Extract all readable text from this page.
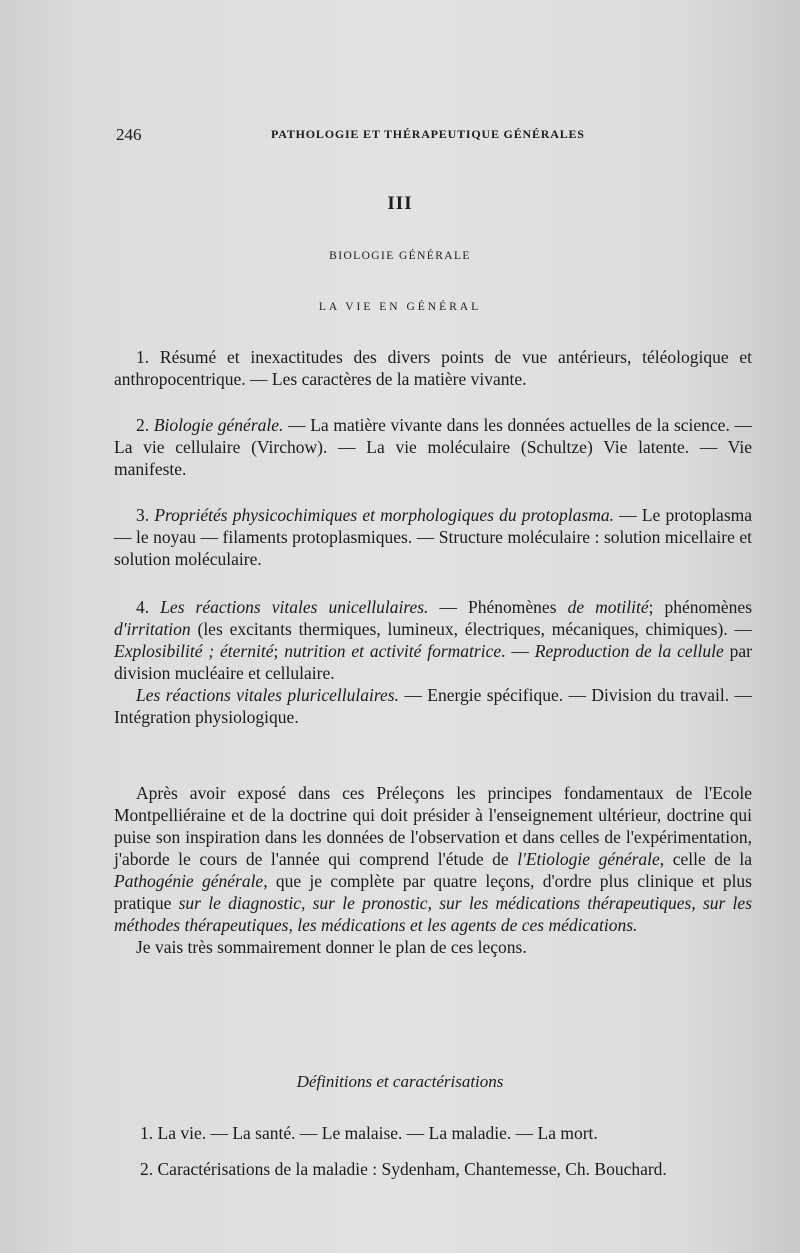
246	PATHOLOGIE ET THÉRAPEUTIQUE GÉNÉRALES
III
BIOLOGIE GÉNÉRALE
LA VIE EN GÉNÉRAL

1. Résumé et inexactitudes des divers points de vue antérieurs, téléologique et anthropocentrique. — Les caractères de la matière vivante.

2. Biologie générale. — La matière vivante dans les données actuelles de la science. — La vie cellulaire (Virchow). — La vie moléculaire (Schultze) Vie latente. — Vie manifeste.

3. Propriétés physicochimiques et morphologiques du protoplasma. — Le protoplasma — le noyau — filaments protoplasmiques. — Structure moléculaire : solution micellaire et solution moléculaire.

4. Les réactions vitales unicellulaires. — Phénomènes de motilité; phénomènes d'irritation (les excitants thermiques, lumineux, électriques, mécaniques, chimiques). — Explosibilité ; éternité; nutrition et activité formatrice. — Reproduction de la cellule par division mucléaire et cellulaire.

Les réactions vitales pluricellulaires. — Energie spécifique. — Division du travail. — Intégration physiologique.

Après avoir exposé dans ces Préleçons les principes fondamentaux de l'Ecole Montpelliéraine et de la doctrine qui doit présider à l'enseignement ultérieur, doctrine qui puise son inspiration dans les données de l'observation et dans celles de l'expérimentation, j'aborde le cours de l'année qui comprend l'étude de l'Etiologie générale, celle de la Pathogénie générale, que je complète par quatre leçons, d'ordre plus clinique et plus pratique sur le diagnostic, sur le pronostic, sur les médications thérapeutiques, sur les méthodes thérapeutiques, les médications et les agents de ces médications.

Je vais très sommairement donner le plan de ces leçons.

Définitions et caractérisations
1. La vie. — La santé. — Le malaise. — La maladie. — La mort.
2. Caractérisations de la maladie : Sydenham, Chantemesse, Ch. Bouchard.
